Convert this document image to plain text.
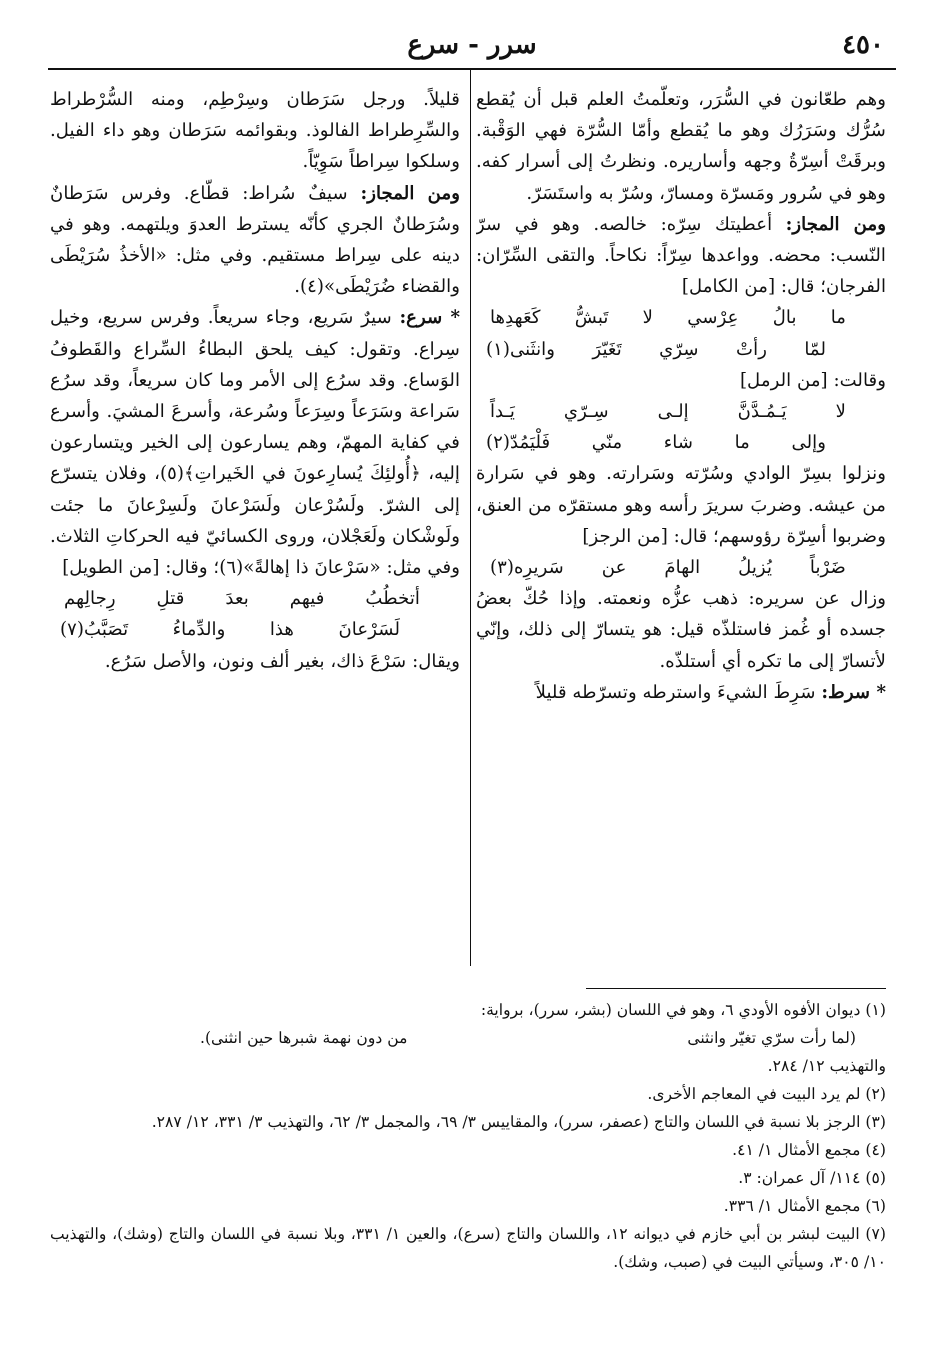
٤٥٠
سرر - سرع

وهم طعّانون في السُّرَر، وتعلّمتُ العلم قبل أن يُقطع سُرُّك وسَرَرُك وهو ما يُقطع وأمّا السُّرّة فهي الوَقْبة. وبرقَتْ أسِرّةُ وجهه وأساريره. ونظرتُ إلى أسرار كفه. وهو في سُرور ومَسرّة ومسارّ، وسُرّ به واستَسَرّ.

ومن المجاز: أعطيتك سِرّه: خالصه. وهو في سرّ النّسب: محضه. وواعدها سِرّاً: نكاحاً. والتقى السِّرّان: الفرجان؛ قال: [من الكامل]

ما بالُ عِرْسي لا تَبشُّ كَعَهدِها

لمّا رأتْ سِرّي تَغَيّرَ وانثَنى(١)

وقالت: [من الرمل]

لا يَـمُـدَّنَّ إلـى سِـرّي يَـداً

وإلى ما شاء منّي فَلْيَمُدّ(٢)

ونزلوا بسِرّ الوادي وسُرّته وسَرارته. وهو في سَرارة من عيشه. وضربَ سريرَ رأسه وهو مستقرّه من العنق، وضربوا أسِرّة رؤوسهم؛ قال: [من الرجز]

ضَرْباً يُزيلُ الهامَ عن سَريرِه(٣)

وزال عن سريره: ذهب عزُّه ونعمته. وإذا حُكّ بعضُ جسده أو غُمز فاستلذّه قيل: هو يتسارّ إلى ذلك، وإنّي لأتسارّ إلى ما تكره أي أستلذّه.

* سرط: سَرِطَ الشيءَ واسترطه وتسرّطه قليلاً

قليلاً. ورجل سَرَطان وسِرْطِم، ومنه السُّرْطراط والسِّرِطراط الفالوذ. وبقوائمه سَرَطان وهو داء الفيل. وسلكوا سِراطاً سَوِيّاً.

ومن المجاز: سيفٌ سُراط: قطّاع. وفرس سَرَطانٌ وسُرَطانٌ الجري كأنّه يسترط العدوَ ويلتهمه. وهو في دينه على سِراط مستقيم. وفي مثل: «الأخذُ سُرَيْطَى والقضاء ضُرَيْطَى»(٤).

* سرع: سيرٌ سَريع، وجاء سريعاً. وفرس سريع، وخيل سِراع. وتقول: كيف يلحق البطاءُ السِّراع والقَطوفُ الوَساع. وقد سرُع إلى الأمر وما كان سريعاً، وقد سرُع سَراعة وسَرَعاً وسِرَعاً وسُرعة، وأسرعَ المشيَ. وأسرع في كفاية المهمّ، وهم يسارعون إلى الخير ويتسارعون إليه، ﴿أُولئِكَ يُسارِعونَ في الخَيراتِ﴾(٥)، وفلان يتسرّع إلى الشرّ. ولَسُرْعان ولَسَرْعانَ ولَسِرْعانَ ما جئت ولَوشْكان ولَعَجْلان، وروى الكسائيّ فيه الحركاتِ الثلاث. وفي مثل: «سَرْعانَ ذا إهالةً»(٦)؛ وقال: [من الطويل]

أتخطُبُ فيهم بعدَ قتلِ رِجالِهم

لَسَرْعانَ هذا والدِّماءُ تَصَبَّبُ(٧)

ويقال: سَرْعَ ذاك، بغير ألف ونون، والأصل سَرُع.

(١) ديوان الأفوه الأودي ٦، وهو في اللسان (بشر، سرر)، برواية:

(لما رأت سرّي تغيّر وانثنى
من دون نهمة شبرها حين انثنى).

والتهذيب ١٢/ ٢٨٤.

(٢) لم يرد البيت في المعاجم الأخرى.

(٣) الرجز بلا نسبة في اللسان والتاج (عصفر، سرر)، والمقاييس ٣/ ٦٩، والمجمل ٣/ ٦٢، والتهذيب ٣/ ٣٣١، ١٢/ ٢٨٧.

(٤) مجمع الأمثال ١/ ٤١.

(٥) ١١٤/ آل عمران: ٣.

(٦) مجمع الأمثال ١/ ٣٣٦.

(٧) البيت لبشر بن أبي خازم في ديوانه ١٢، واللسان والتاج (سرع)، والعين ١/ ٣٣١، وبلا نسبة في اللسان والتاج (وشك)، والتهذيب ١٠/ ٣٠٥، وسيأتي البيت في (صبب، وشك).
